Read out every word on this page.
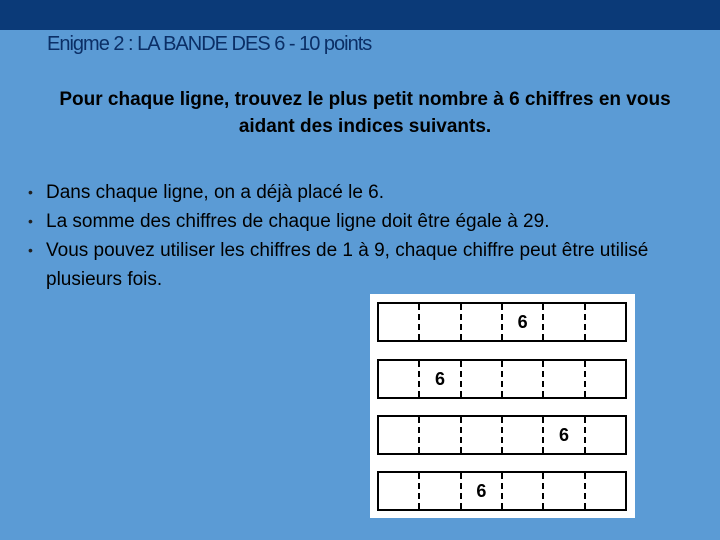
Enigme 2 : LA BANDE DES 6 - 10 points
Pour chaque ligne, trouvez le plus petit nombre à 6 chiffres en vous aidant des indices suivants.
• Dans chaque ligne, on a déjà placé le 6.
• La somme des chiffres de chaque ligne doit être égale à 29.
• Vous pouvez utiliser les chiffres de 1 à 9, chaque chiffre peut être utilisé plusieurs fois.
6
6
6
6
